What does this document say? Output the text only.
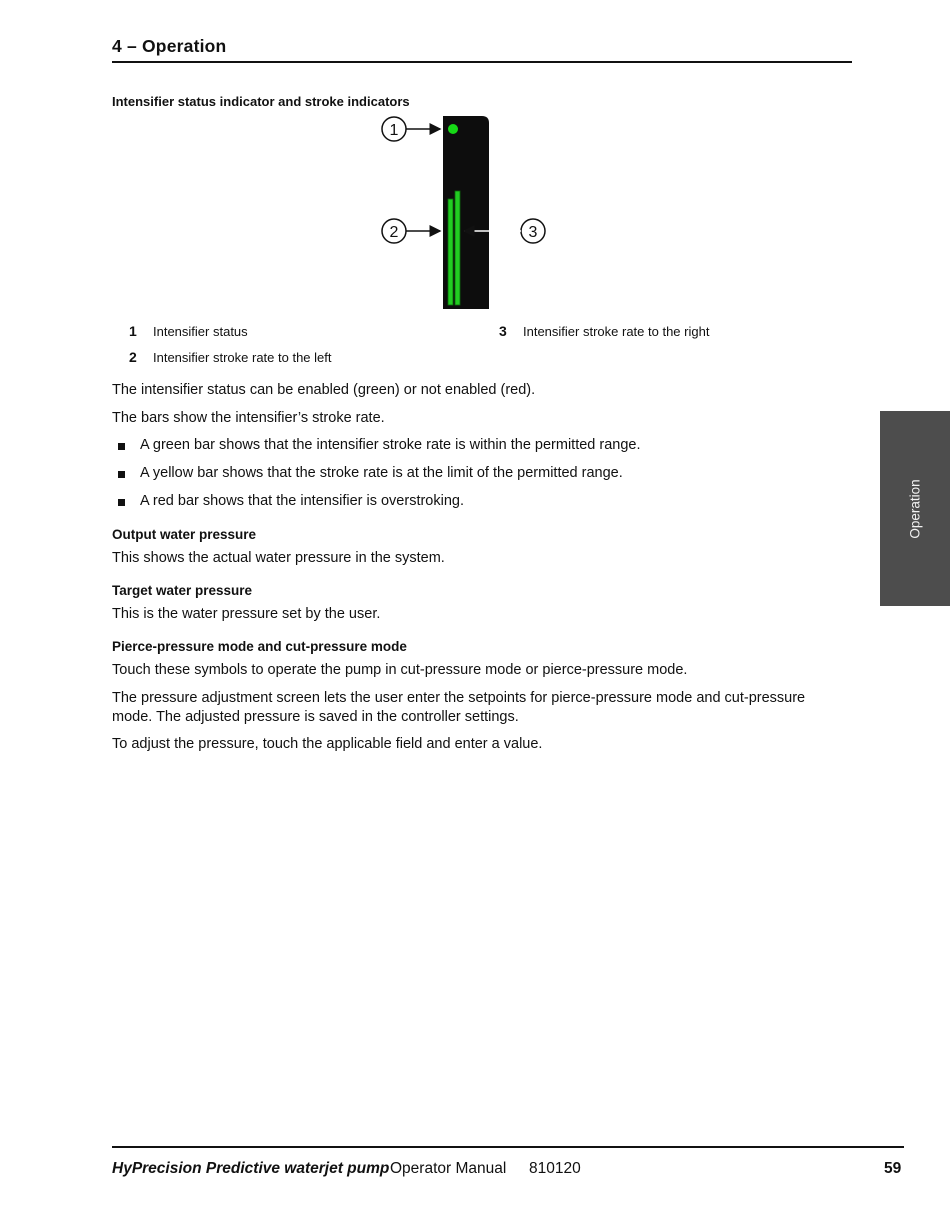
4 – Operation
Intensifier status indicator and stroke indicators
1
2	3
1 Intensifier status
2 Intensifier stroke rate to the left
3 Intensifier stroke rate to the right
The intensifier status can be enabled (green) or not enabled (red).
The bars show the intensifier’s stroke rate.
A green bar shows that the intensifier stroke rate is within the permitted range.
A yellow bar shows that the stroke rate is at the limit of the permitted range.
A red bar shows that the intensifier is overstroking.
Output water pressure
This shows the actual water pressure in the system.
Target water pressure
This is the water pressure set by the user.
Pierce-pressure mode and cut-pressure mode
Touch these symbols to operate the pump in cut-pressure mode or pierce-pressure mode.
The pressure adjustment screen lets the user enter the setpoints for pierce-pressure mode and cut-pressure mode. The adjusted pressure is saved in the controller settings.
To adjust the pressure, touch the applicable field and enter a value.
Operation
HyPrecision Predictive waterjet pump Operator Manual 810120	59
